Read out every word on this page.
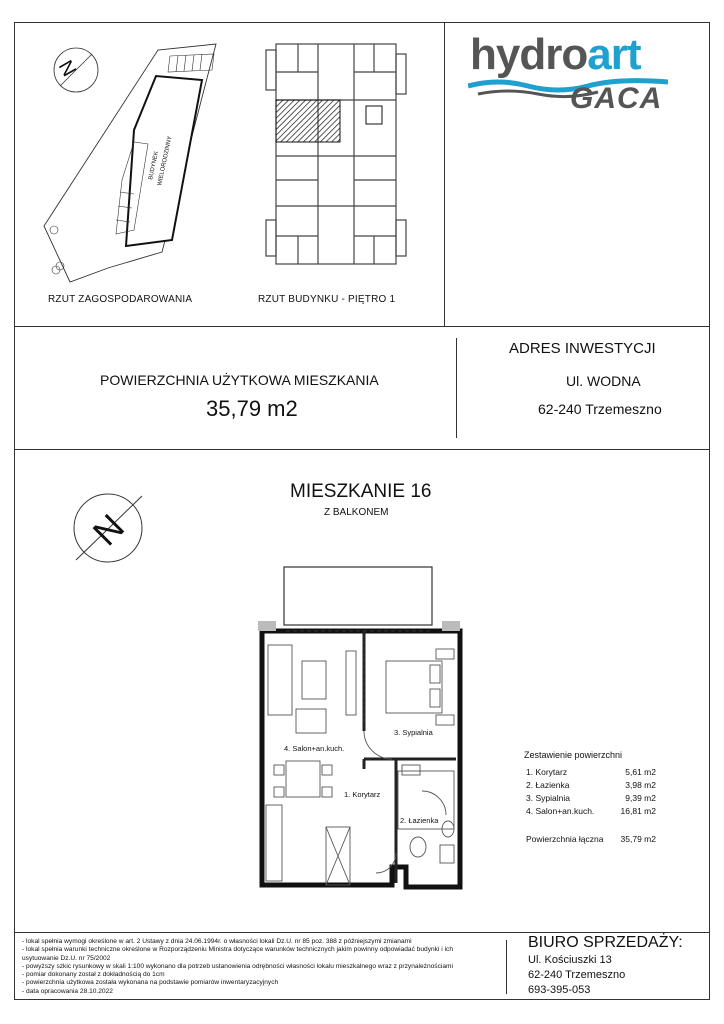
hydroart
GACA
N
BUDYNEK
WIELORODZINNY
RZUT ZAGOSPODAROWANIA	RZUT BUDYNKU - PIĘTRO 1
POWIERZCHNIA UŻYTKOWA MIESZKANIA
35,79 m2
ADRES INWESTYCJI
Ul. WODNA
62-240 Trzemeszno
MIESZKANIE 16
Z BALKONEM
N
4. Salon+an.kuch.
3. Sypialnia
1. Korytarz
2. Łazienka
Zestawienie powierzchni
1. Korytarz	5,61 m2
2. Łazienka	3,98 m2
3. Sypialnia	9,39 m2
4. Salon+an.kuch.	16,81 m2
Powierzchnia łączna 35,79 m2
- lokal spełnia wymogi określone w art. 2 Ustawy z dnia 24.06.1994r. o własności lokali Dz.U. nr 85 poz. 388 z późniejszymi zmianami
- lokal spełnia warunki techniczne określone w Rozporządzeniu Ministra dotyczące warunków technicznych jakim powinny odpowiadać budynki i ich
usytuowanie Dz.U. nr 75/2002
- powyższy szkic rysunkowy w skali 1:100 wykonano dla potrzeb ustanowienia odrębności własności lokalu mieszkalnego wraz z przynależnościami
- pomiar dokonany został z dokładnością do 1cm
- powierzchnia użytkowa została wykonana na podstawie pomiarów inwentaryzacyjnych
- data opracowania 28.10.2022
BIURO SPRZEDAŻY:
Ul. Kościuszki 13
62-240 Trzemeszno
693-395-053
